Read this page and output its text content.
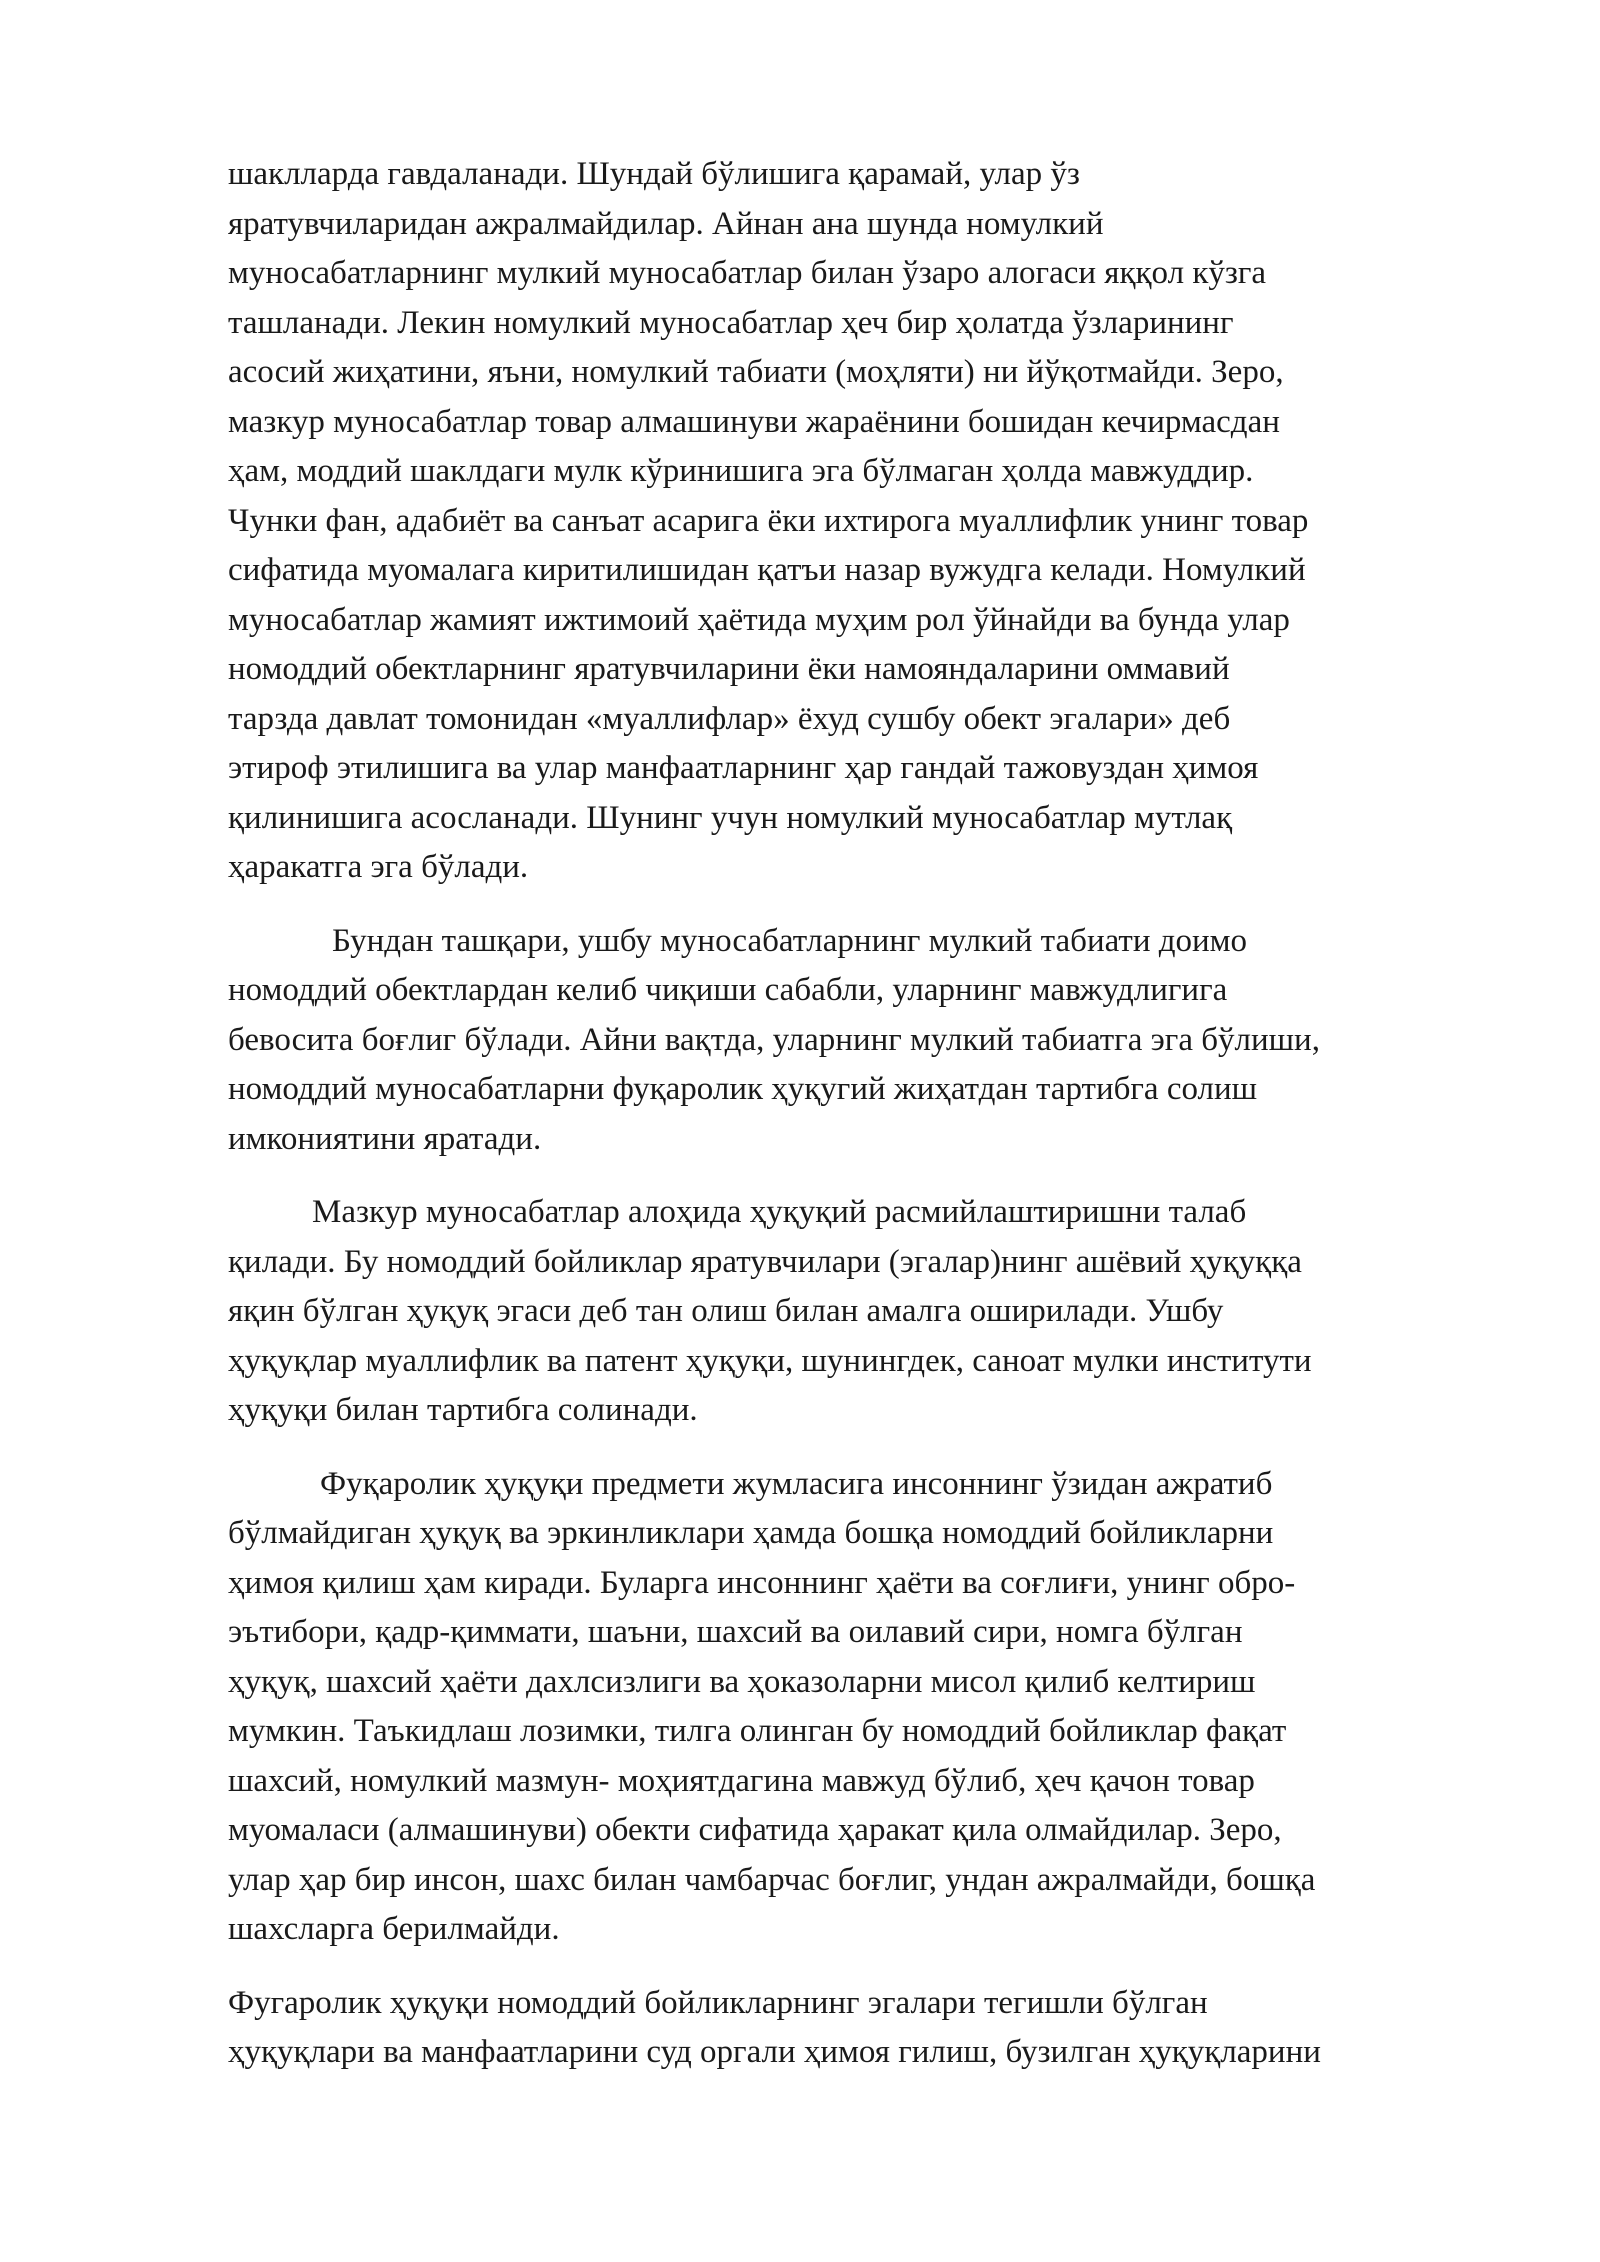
шаклларда гавдаланади. Шундай бўлишига қарамай, улар ўз
яратувчиларидан ажралмайдилар. Айнан ана шунда номулкий
муносабатларнинг мулкий муносабатлар билан ўзаро алогаси яққол кўзга
ташланади. Лекин номулкий муносабатлар ҳеч бир ҳолатда ўзларининг
асосий жиҳатини, яъни, номулкий табиати (моҳляти) ни йўқотмайди. Зеро,
мазкур муносабатлар товар алмашинуви жараёнини бошидан кечирмасдан
ҳам, моддий шаклдаги мулк кўринишига эга бўлмаган ҳолда мавжуддир.
Чунки фан, адабиёт ва санъат асарига ёки ихтирога муаллифлик унинг товар
сифатида муомалага киритилишидан қатъи назар вужудга келади. Номулкий
муносабатлар жамият ижтимоий ҳаётида муҳим рол ўйнайди ва бунда улар
номоддий обектларнинг яратувчиларини ёки намояндаларини оммавий
тарзда давлат томонидан «муаллифлар» ёхуд сушбу обект эгалари» деб
этироф этилишига ва улар манфаатларнинг ҳар гандай тажовуздан ҳимоя
қилинишига асосланади. Шунинг учун номулкий муносабатлар мутлақ
ҳаракатга эга бўлади.

Бундан ташқари, ушбу муносабатларнинг мулкий табиати доимо
номоддий обектлардан келиб чиқиши сабабли, уларнинг мавжудлигига
бевосита боғлиг бўлади. Айни вақтда, уларнинг мулкий табиатга эга бўлиши,
номоддий муносабатларни фуқаролик ҳуқугий жиҳатдан тартибга солиш
имкониятини яратади.

Мазкур муносабатлар алоҳида ҳуқуқий расмийлаштиришни талаб
қилади. Бу номоддий бойликлар яратувчилари (эгалар)нинг ашёвий ҳуқуққа
яқин бўлган ҳуқуқ эгаси деб тан олиш билан амалга оширилади. Ушбу
ҳуқуқлар муаллифлик ва патент ҳуқуқи, шунингдек, саноат мулки институти
ҳуқуқи билан тартибга солинади.

Фуқаролик ҳуқуқи предмети жумласига инсоннинг ўзидан ажратиб
бўлмайдиган ҳуқуқ ва эркинликлари ҳамда бошқа номоддий бойликларни
ҳимоя қилиш ҳам киради. Буларга инсоннинг ҳаёти ва соғлиғи, унинг обро-
эътибори, қадр-қиммати, шаъни, шахсий ва оилавий сири, номга бўлган
ҳуқуқ, шахсий ҳаёти дахлсизлиги ва ҳоказоларни мисол қилиб келтириш
мумкин. Таъкидлаш лозимки, тилга олинган бу номоддий бойликлар фақат
шахсий, номулкий мазмун- моҳиятдагина мавжуд бўлиб, ҳеч қачон товар
муомаласи (алмашинуви) обекти сифатида ҳаракат қила олмайдилар. Зеро,
улар ҳар бир инсон, шахс билан чамбарчас боғлиг, ундан ажралмайди, бошқа
шахсларга берилмайди.

Фугаролик ҳуқуқи номоддий бойликларнинг эгалари тегишли бўлган
ҳуқуқлари ва манфаатларини суд оргали ҳимоя гилиш, бузилган ҳуқуқларини
